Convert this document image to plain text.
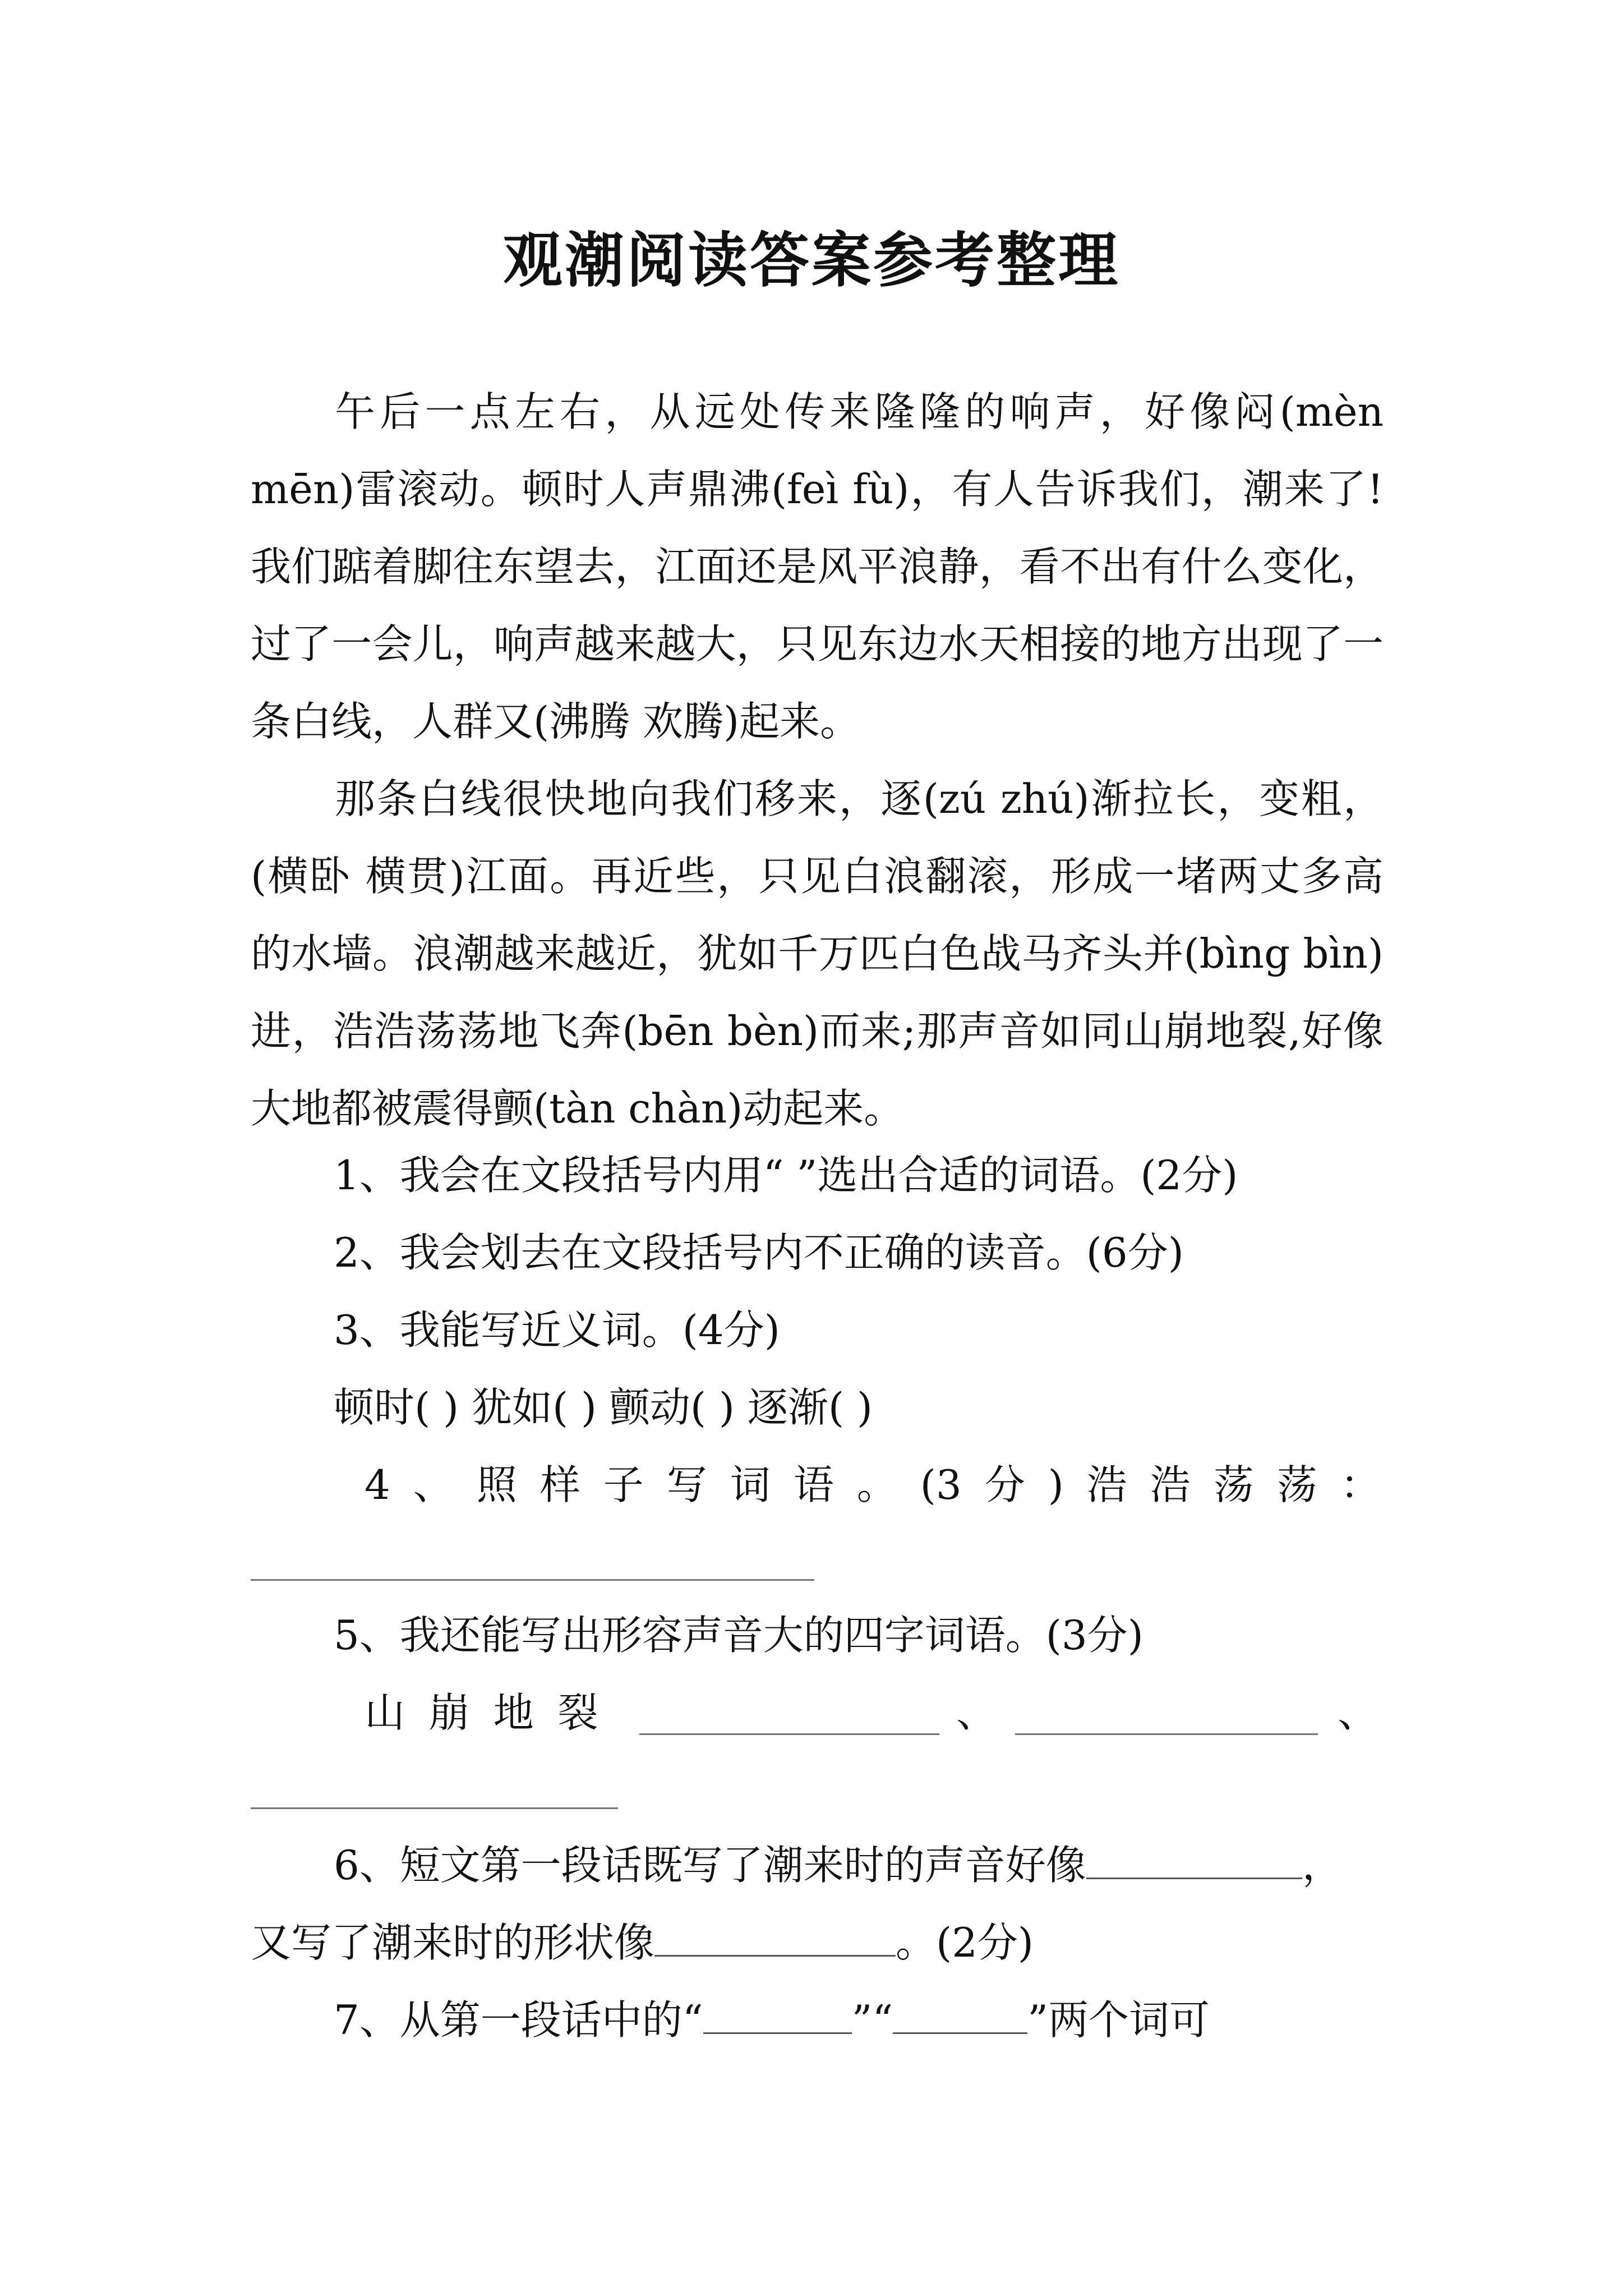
观潮阅读答案参考整理

午后一点左右，从远处传来隆隆的响声，好像闷(mèn mēn)雷滚动。顿时人声鼎沸(feì fù)，有人告诉我们，潮来了!我们踮着脚往东望去，江面还是风平浪静，看不出有什么变化，过了一会儿，响声越来越大，只见东边水天相接的地方出现了一条白线，人群又(沸腾 欢腾)起来。

那条白线很快地向我们移来，逐(zú zhú)渐拉长，变粗，(横卧 横贯)江面。再近些，只见白浪翻滚，形成一堵两丈多高的水墙。浪潮越来越近，犹如千万匹白色战马齐头并(bìng bìn)进，浩浩荡荡地飞奔(bēn bèn)而来;那声音如同山崩地裂,好像大地都被震得颤(tàn chàn)动起来。

1、我会在文段括号内用“ ”选出合适的词语。(2分)

2、我会划去在文段括号内不正确的读音。(6分)

3、我能写近义词。(4分)

顿时( ) 犹如( ) 颤动( ) 逐渐( )

4 、 照 样 子 写 词 语 。 (3 分 ) 浩 浩 荡 荡 ：

5、我还能写出形容声音大的四字词语。(3分)

山 崩 地 裂	、	、

6、短文第一段话既写了潮来时的声音好像	，

又写了潮来时的形状像	。(2分)

7、从第一段话中的“	”“	”两个词可
